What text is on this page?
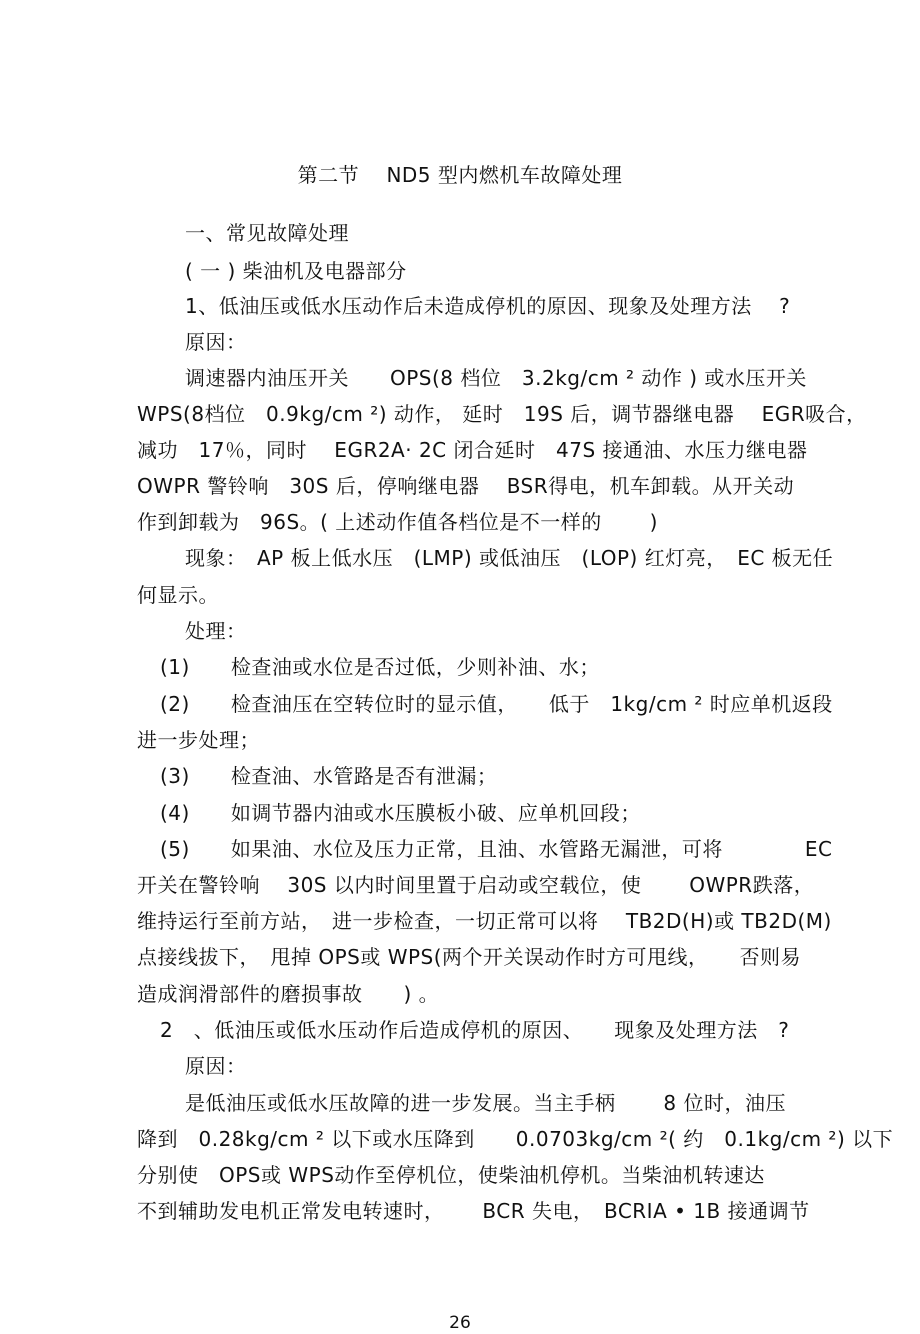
第二节　 ND5 型内燃机车故障处理
一、常见故障处理
( 一 ) 柴油机及电器部分
1、低油压或低水压动作后未造成停机的原因、现象及处理方法　 ?
原因：
调速器内油压开关　　OPS(8 档位　3.2kg/cm ² 动作 ) 或水压开关
WPS(8档位　0.9kg/cm ²) 动作， 延时　19S 后，调节器继电器　 EGR吸合，
减功　17％，同时　 EGR2A· 2C 闭合延时　47S 接通油、水压力继电器
OWPR 警铃响　30S 后，停响继电器　 BSR得电，机车卸载。从开关动
作到卸载为　96S。( 上述动作值各档位是不一样的　　 )
现象：　AP 板上低水压　(LMP) 或低油压　(LOP) 红灯亮，　EC 板无任
何显示。
处理：
(1)　　检查油或水位是否过低，少则补油、水；
(2)　　检查油压在空转位时的显示值，　　低于　1kg/cm ² 时应单机返段
进一步处理；
(3)　　检查油、水管路是否有泄漏；
(4)　　如调节器内油或水压膜板小破、应单机回段；
(5)　　如果油、水位及压力正常，且油、水管路无漏泄，可将　　　　EC
开关在警铃响　 30S 以内时间里置于启动或空载位，使　　 OWPR跌落，
维持运行至前方站，　进一步检查，一切正常可以将　 TB2D(H)或 TB2D(M)
点接线拔下，　甩掉 OPS或 WPS(两个开关误动作时方可甩线，　　否则易
造成润滑部件的磨损事故　　) 。
2　、低油压或低水压动作后造成停机的原因、　　现象及处理方法　?
原因：
是低油压或低水压故障的进一步发展。当主手柄　　 8 位时，油压
降到　0.28kg/cm ² 以下或水压降到　　0.0703kg/cm ²( 约　0.1kg/cm ²) 以下
分别使　OPS或 WPS动作至停机位，使柴油机停机。当柴油机转速达
不到辅助发电机正常发电转速时，　　 BCR 失电，　BCRIA • 1B 接通调节
26
